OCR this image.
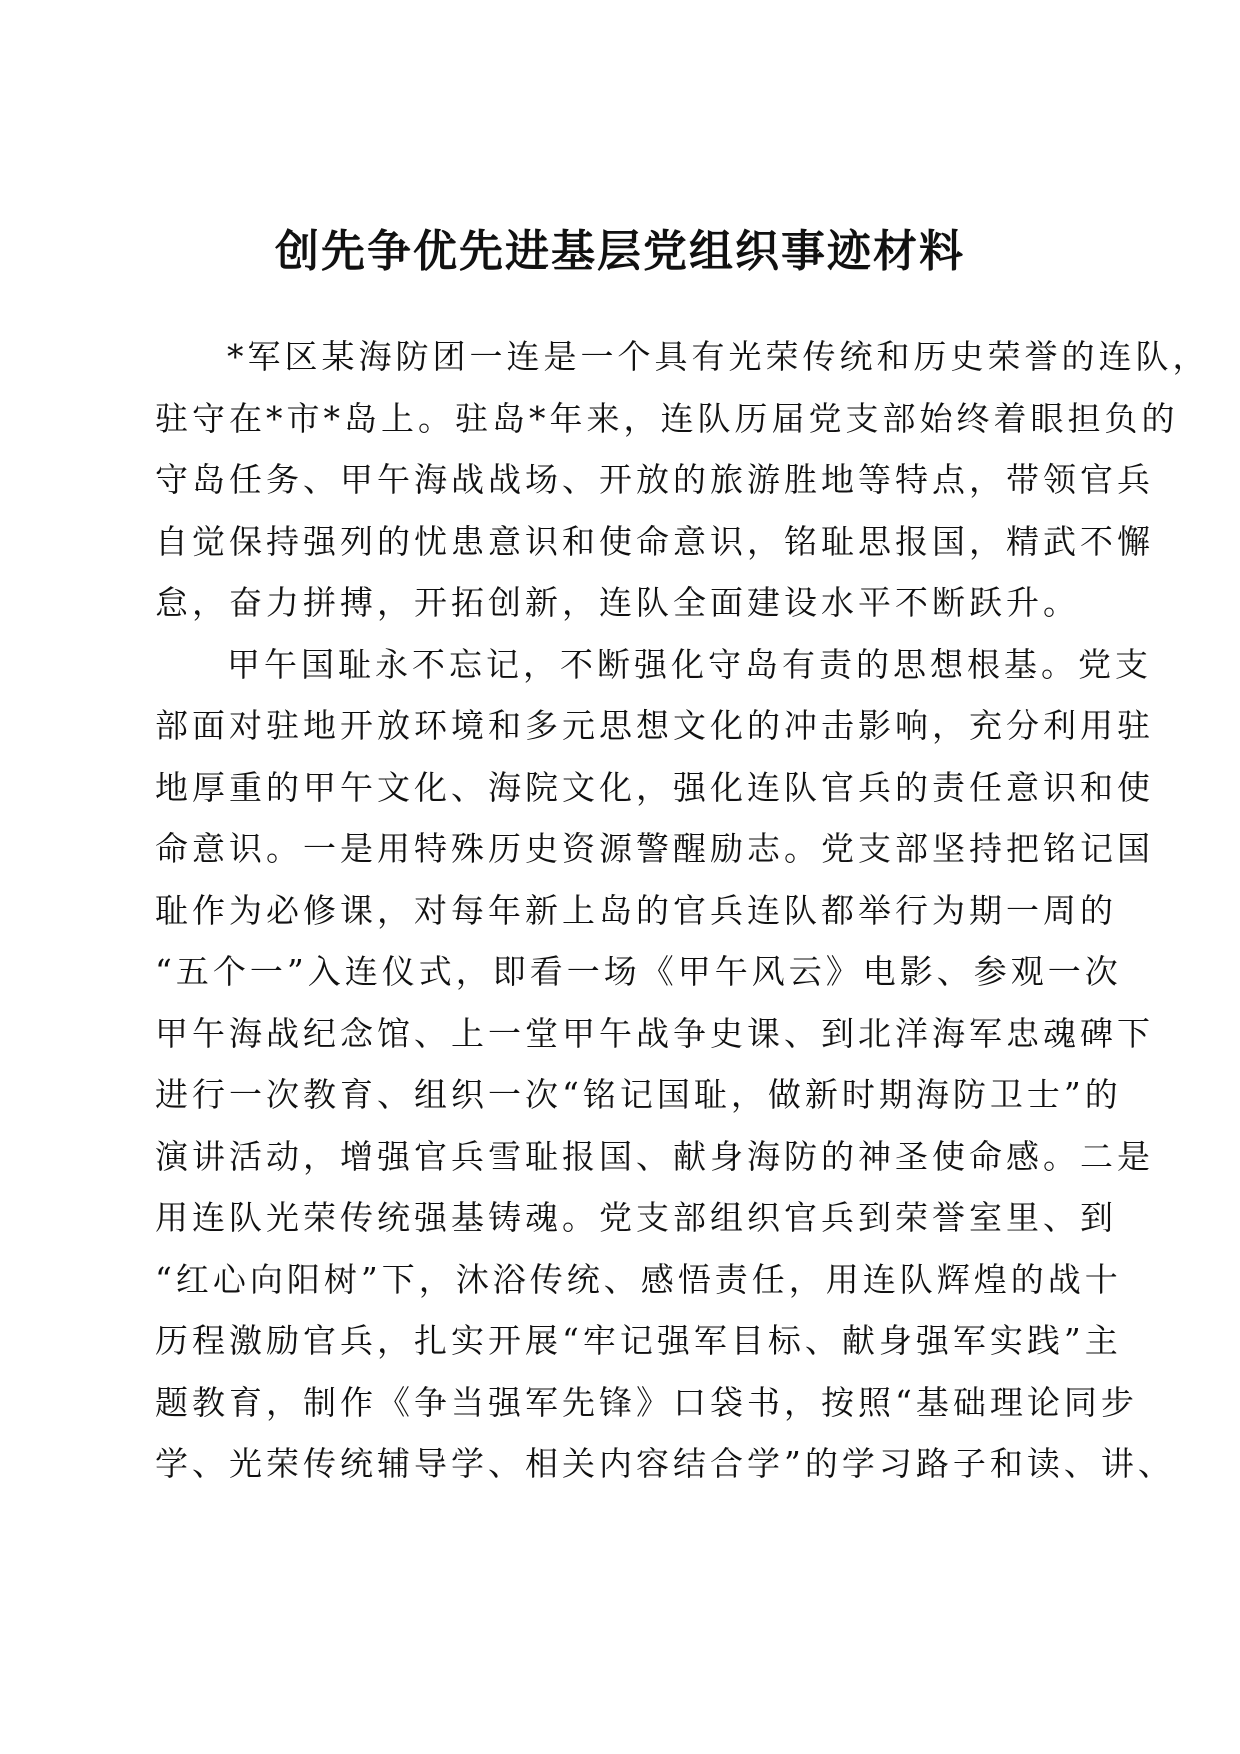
创先争优先进基层党组织事迹材料
*军区某海防团一连是一个具有光荣传统和历史荣誉的连队，
驻守在*市*岛上。驻岛*年来，连队历届党支部始终着眼担负的
守岛任务、甲午海战战场、开放的旅游胜地等特点，带领官兵
自觉保持强列的忧患意识和使命意识，铭耻思报国，精武不懈
怠，奋力拼搏，开拓创新，连队全面建设水平不断跃升。
甲午国耻永不忘记，不断强化守岛有责的思想根基。党支
部面对驻地开放环境和多元思想文化的冲击影响，充分利用驻
地厚重的甲午文化、海院文化，强化连队官兵的责任意识和使
命意识。一是用特殊历史资源警醒励志。党支部坚持把铭记国
耻作为必修课，对每年新上岛的官兵连队都举行为期一周的
“五个一”入连仪式，即看一场《甲午风云》电影、参观一次
甲午海战纪念馆、上一堂甲午战争史课、到北洋海军忠魂碑下
进行一次教育、组织一次“铭记国耻，做新时期海防卫士”的
演讲活动，增强官兵雪耻报国、献身海防的神圣使命感。二是
用连队光荣传统强基铸魂。党支部组织官兵到荣誉室里、到
“红心向阳树”下，沐浴传统、感悟责任，用连队辉煌的战十
历程激励官兵，扎实开展“牢记强军目标、献身强军实践”主
题教育，制作《争当强军先锋》口袋书，按照“基础理论同步
学、光荣传统辅导学、相关内容结合学”的学习路子和读、讲、
